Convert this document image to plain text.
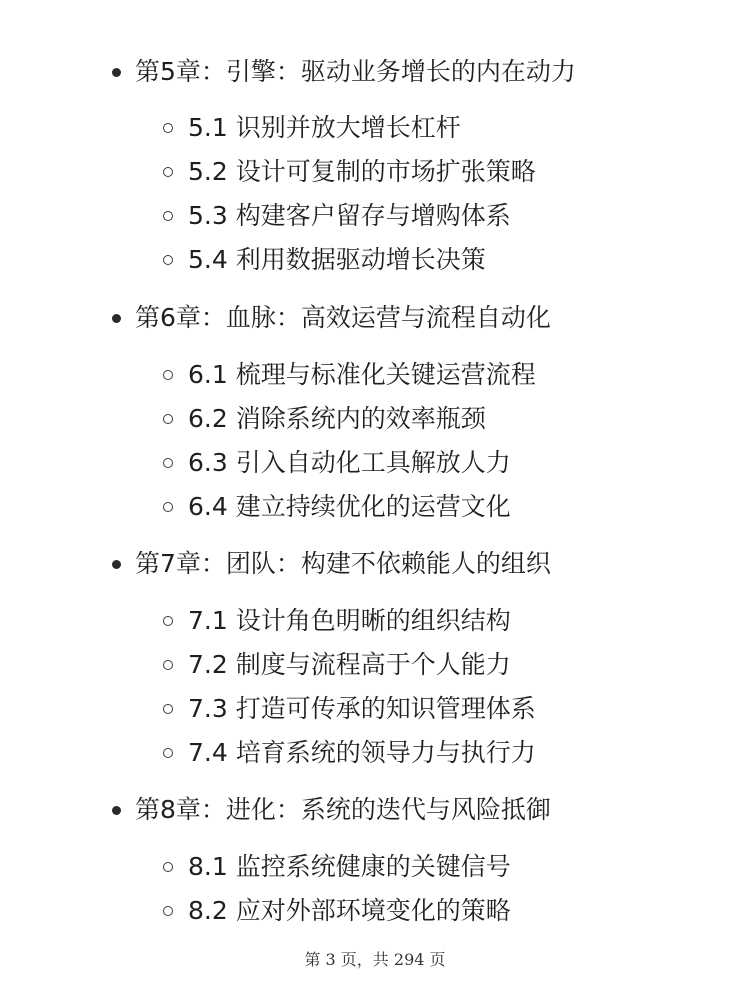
第5章：引擎：驱动业务增长的内在动力
5.1 识别并放大增长杠杆
5.2 设计可复制的市场扩张策略
5.3 构建客户留存与增购体系
5.4 利用数据驱动增长决策
第6章：血脉：高效运营与流程自动化
6.1 梳理与标准化关键运营流程
6.2 消除系统内的效率瓶颈
6.3 引入自动化工具解放人力
6.4 建立持续优化的运营文化
第7章：团队：构建不依赖能人的组织
7.1 设计角色明晰的组织结构
7.2 制度与流程高于个人能力
7.3 打造可传承的知识管理体系
7.4 培育系统的领导力与执行力
第8章：进化：系统的迭代与风险抵御
8.1 监控系统健康的关键信号
8.2 应对外部环境变化的策略
第 3 页，共 294 页
